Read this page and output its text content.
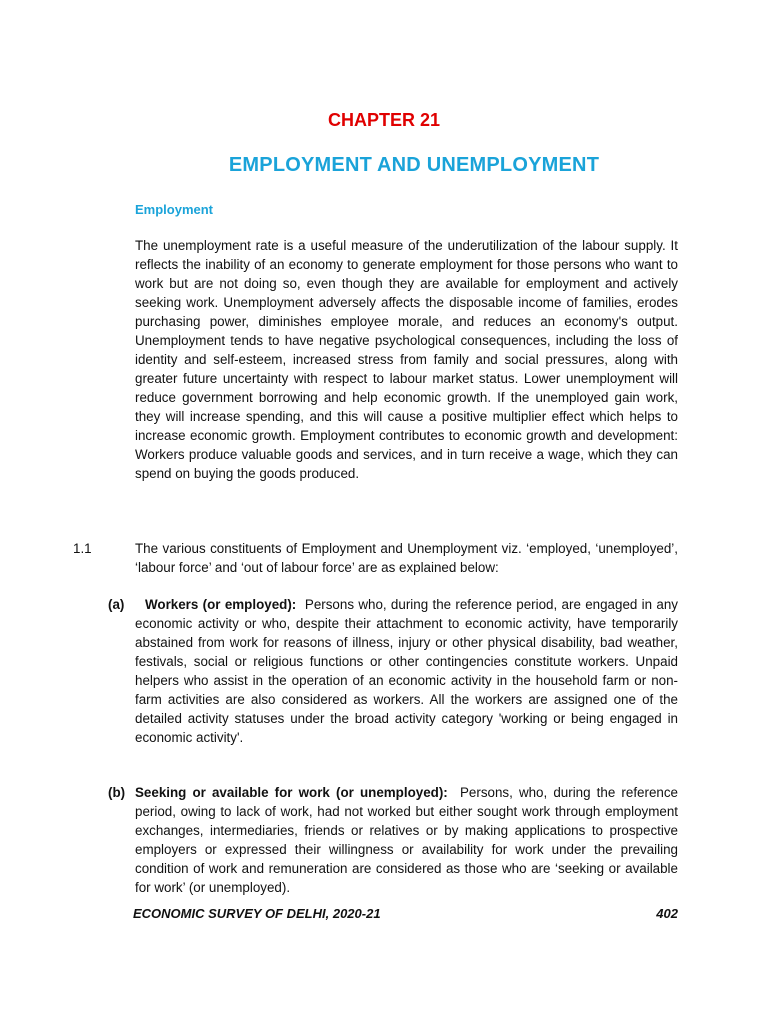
CHAPTER 21
EMPLOYMENT AND UNEMPLOYMENT
Employment

The unemployment rate is a useful measure of the underutilization of the labour supply. It reflects the inability of an economy to generate employment for those persons who want to work but are not doing so, even though they are available for employment and actively seeking work. Unemployment adversely affects the disposable income of families, erodes purchasing power, diminishes employee morale, and reduces an economy's output. Unemployment tends to have negative psychological consequences, including the loss of identity and self-esteem, increased stress from family and social pressures, along with greater future uncertainty with respect to labour market status. Lower unemployment will reduce government borrowing and help economic growth. If the unemployed gain work, they will increase spending, and this will cause a positive multiplier effect which helps to increase economic growth. Employment contributes to economic growth and development: Workers produce valuable goods and services, and in turn receive a wage, which they can spend on buying the goods produced.

1.1	The various constituents of Employment and Unemployment viz. ‘employed, ‘unemployed’, ‘labour force’ and ‘out of labour force’ are as explained below:

(a)	Workers (or employed): Persons who, during the reference period, are engaged in any economic activity or who, despite their attachment to economic activity, have temporarily abstained from work for reasons of illness, injury or other physical disability, bad weather, festivals, social or religious functions or other contingencies constitute workers. Unpaid helpers who assist in the operation of an economic activity in the household farm or non-farm activities are also considered as workers. All the workers are assigned one of the detailed activity statuses under the broad activity category 'working or being engaged in economic activity'.

(b) Seeking or available for work (or unemployed): Persons, who, during the reference period, owing to lack of work, had not worked but either sought work through employment exchanges, intermediaries, friends or relatives or by making applications to prospective employers or expressed their willingness or availability for work under the prevailing condition of work and remuneration are considered as those who are ‘seeking or available for work’ (or unemployed).

ECONOMIC SURVEY OF DELHI, 2020-21	402
